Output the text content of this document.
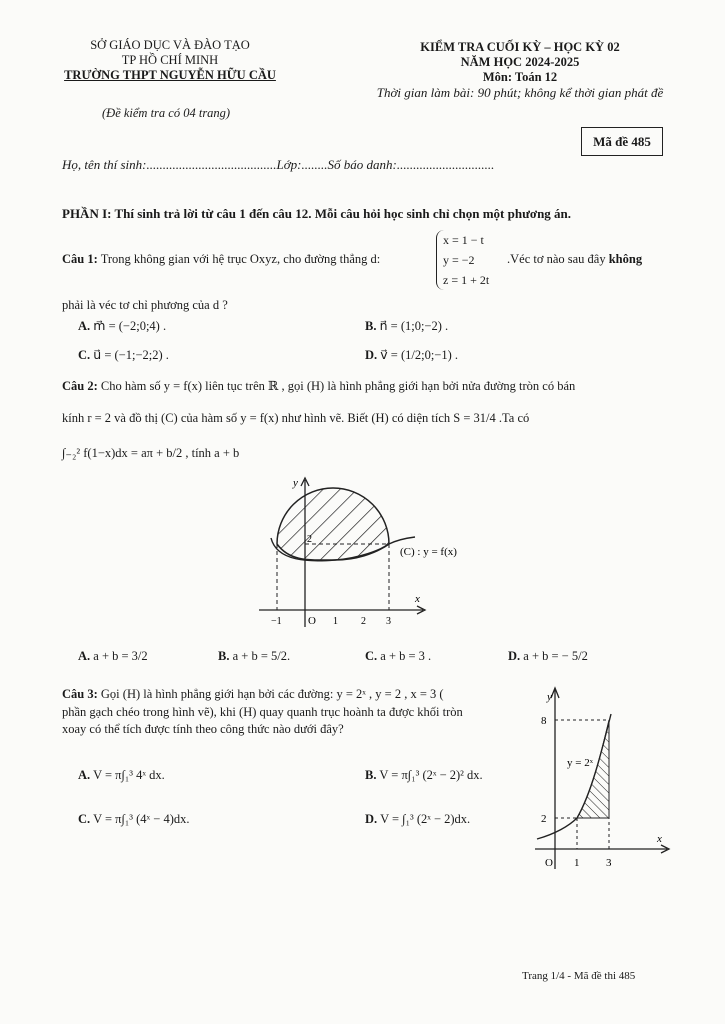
SỞ GIÁO DỤC VÀ ĐÀO TẠO
TP HỒ CHÍ MINH
TRƯỜNG THPT NGUYỄN HỮU CẦU
(Đề kiểm tra có 04 trang)
KIỂM TRA CUỐI KỲ – HỌC KỲ 02
NĂM HỌC 2024-2025
Môn: Toán 12
Thời gian làm bài: 90 phút; không kể thời gian phát đề
Mã đề 485
Họ, tên thí sinh:........................................Lớp:........Số báo danh:..............................
PHẦN I: Thí sinh trả lời từ câu 1 đến câu 12. Mỗi câu hỏi học sinh chỉ chọn một phương án.
Câu 1: Trong không gian với hệ trục Oxyz, cho đường thẳng d:
x = 1 − t
y = −2
z = 1 + 2t
.Véc tơ nào sau đây không
phải là véc tơ chỉ phương của d ?
A. m⃗ = (−2;0;4) .	B. n⃗ = (1;0;−2) .
C. u⃗ = (−1;−2;2) .	D. v⃗ = (1/2;0;−1) .
Câu 2: Cho hàm số y = f(x) liên tục trên ℝ , gọi (H) là hình phẳng giới hạn bởi nửa đường tròn có bán
kính r = 2 và đồ thị (C) của hàm số y = f(x) như hình vẽ. Biết (H) có diện tích S = 31/4 .Ta có
∫₋₂² f(1−x)dx = aπ + b/2 , tính a + b
y
x
O
2
−1	1 2 3
(C) : y = f(x)
A. a + b = 3/2	B. a + b = 5/2.	C. a + b = 3 .	D. a + b = − 5/2
Câu 3: Gọi (H) là hình phẳng giới hạn bởi các đường: y = 2ˣ , y = 2 , x = 3 (
phần gạch chéo trong hình vẽ), khi (H) quay quanh trục hoành ta được khối tròn
xoay có thể tích được tính theo công thức nào dưới đây?
A. V = π∫₁³ 4ˣ dx.	B. V = π∫₁³ (2ˣ − 2)² dx.
C. V = π∫₁³ (4ˣ − 4)dx.	D. V = ∫₁³ (2ˣ − 2)dx.
y
x
O
8
2
1 3
y = 2ˣ
Trang 1/4 - Mã đề thi 485
